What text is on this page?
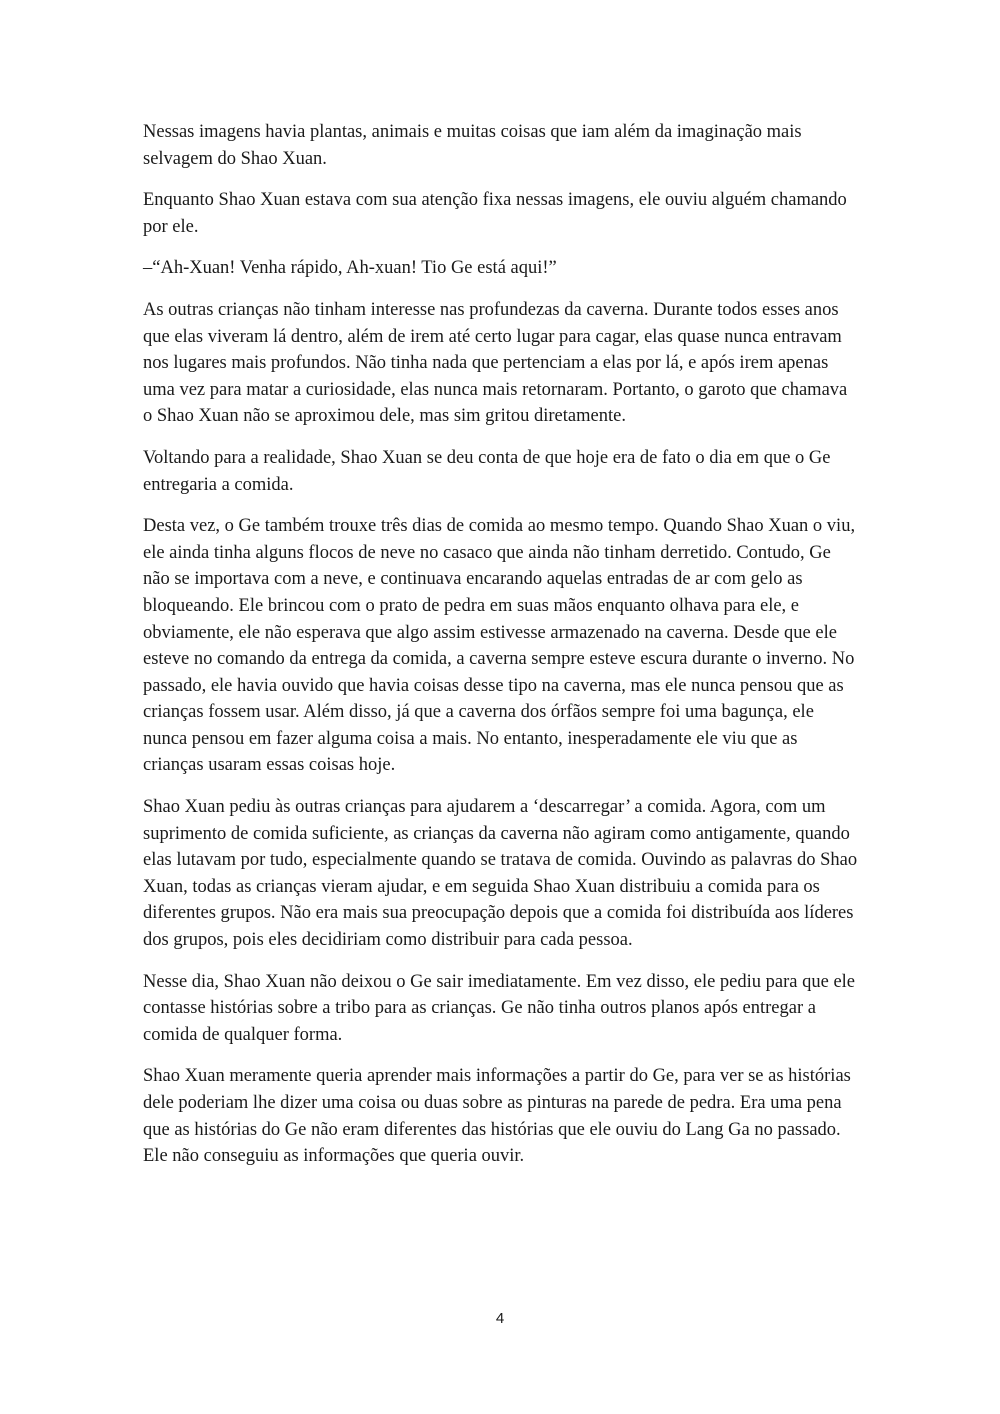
Nessas imagens havia plantas, animais e muitas coisas que iam além da imaginação mais selvagem do Shao Xuan.

Enquanto Shao Xuan estava com sua atenção fixa nessas imagens, ele ouviu alguém chamando por ele.

–“Ah-Xuan! Venha rápido, Ah-xuan! Tio Ge está aqui!”

As outras crianças não tinham interesse nas profundezas da caverna. Durante todos esses anos que elas viveram lá dentro, além de irem até certo lugar para cagar, elas quase nunca entravam nos lugares mais profundos. Não tinha nada que pertenciam a elas por lá, e após irem apenas uma vez para matar a curiosidade, elas nunca mais retornaram. Portanto, o garoto que chamava o Shao Xuan não se aproximou dele, mas sim gritou diretamente.

Voltando para a realidade, Shao Xuan se deu conta de que hoje era de fato o dia em que o Ge entregaria a comida.

Desta vez, o Ge também trouxe três dias de comida ao mesmo tempo. Quando Shao Xuan o viu, ele ainda tinha alguns flocos de neve no casaco que ainda não tinham derretido. Contudo, Ge não se importava com a neve, e continuava encarando aquelas entradas de ar com gelo as bloqueando. Ele brincou com o prato de pedra em suas mãos enquanto olhava para ele, e obviamente, ele não esperava que algo assim estivesse armazenado na caverna. Desde que ele esteve no comando da entrega da comida, a caverna sempre esteve escura durante o inverno. No passado, ele havia ouvido que havia coisas desse tipo na caverna, mas ele nunca pensou que as crianças fossem usar. Além disso, já que a caverna dos órfãos sempre foi uma bagunça, ele nunca pensou em fazer alguma coisa a mais. No entanto, inesperadamente ele viu que as crianças usaram essas coisas hoje.

Shao Xuan pediu às outras crianças para ajudarem a ‘descarregar’ a comida. Agora, com um suprimento de comida suficiente, as crianças da caverna não agiram como antigamente, quando elas lutavam por tudo, especialmente quando se tratava de comida. Ouvindo as palavras do Shao Xuan, todas as crianças vieram ajudar, e em seguida Shao Xuan distribuiu a comida para os diferentes grupos. Não era mais sua preocupação depois que a comida foi distribuída aos líderes dos grupos, pois eles decidiriam como distribuir para cada pessoa.

Nesse dia, Shao Xuan não deixou o Ge sair imediatamente. Em vez disso, ele pediu para que ele contasse histórias sobre a tribo para as crianças. Ge não tinha outros planos após entregar a comida de qualquer forma.

Shao Xuan meramente queria aprender mais informações a partir do Ge, para ver se as histórias dele poderiam lhe dizer uma coisa ou duas sobre as pinturas na parede de pedra. Era uma pena que as histórias do Ge não eram diferentes das histórias que ele ouviu do Lang Ga no passado. Ele não conseguiu as informações que queria ouvir.

4
